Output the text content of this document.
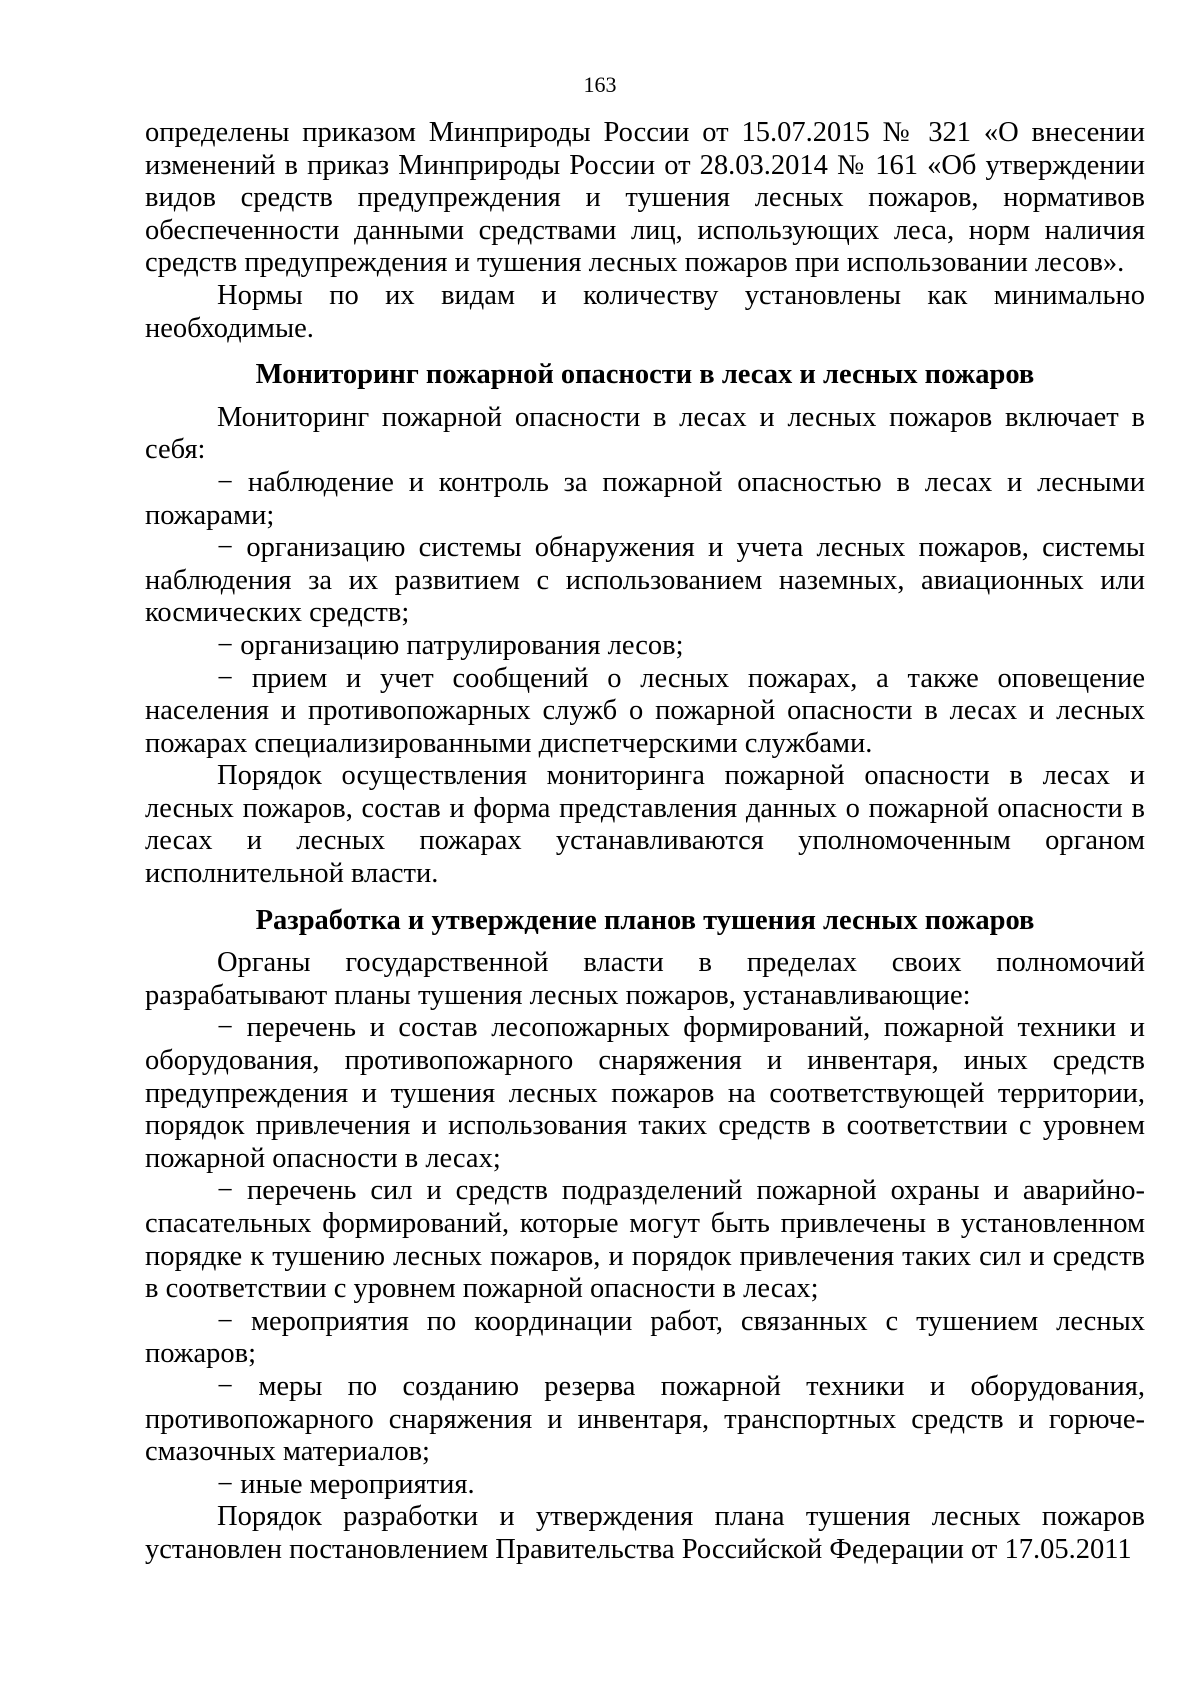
163

определены приказом Минприроды России от 15.07.2015 № 321 «О внесении изменений в приказ Минприроды России от 28.03.2014 № 161 «Об утверждении видов средств предупреждения и тушения лесных пожаров, нормативов обеспеченности данными средствами лиц, использующих леса, норм наличия средств предупреждения и тушения лесных пожаров при использовании лесов».

Нормы по их видам и количеству установлены как минимально необходимые.

Мониторинг пожарной опасности в лесах и лесных пожаров

Мониторинг пожарной опасности в лесах и лесных пожаров включает в себя:

− наблюдение и контроль за пожарной опасностью в лесах и лесными пожарами;

− организацию системы обнаружения и учета лесных пожаров, системы наблюдения за их развитием с использованием наземных, авиационных или космических средств;

− организацию патрулирования лесов;

− прием и учет сообщений о лесных пожарах, а также оповещение населения и противопожарных служб о пожарной опасности в лесах и лесных пожарах специализированными диспетчерскими службами.

Порядок осуществления мониторинга пожарной опасности в лесах и лесных пожаров, состав и форма представления данных о пожарной опасности в лесах и лесных пожарах устанавливаются уполномоченным органом исполнительной власти.

Разработка и утверждение планов тушения лесных пожаров

Органы государственной власти в пределах своих полномочий разрабатывают планы тушения лесных пожаров, устанавливающие:

− перечень и состав лесопожарных формирований, пожарной техники и оборудования, противопожарного снаряжения и инвентаря, иных средств предупреждения и тушения лесных пожаров на соответствующей территории, порядок привлечения и использования таких средств в соответствии с уровнем пожарной опасности в лесах;

− перечень сил и средств подразделений пожарной охраны и аварийно-спасательных формирований, которые могут быть привлечены в установленном порядке к тушению лесных пожаров, и порядок привлечения таких сил и средств в соответствии с уровнем пожарной опасности в лесах;

− мероприятия по координации работ, связанных с тушением лесных пожаров;

− меры по созданию резерва пожарной техники и оборудования, противопожарного снаряжения и инвентаря, транспортных средств и горюче-смазочных материалов;

− иные мероприятия.

Порядок разработки и утверждения плана тушения лесных пожаров установлен постановлением Правительства Российской Федерации от 17.05.2011
